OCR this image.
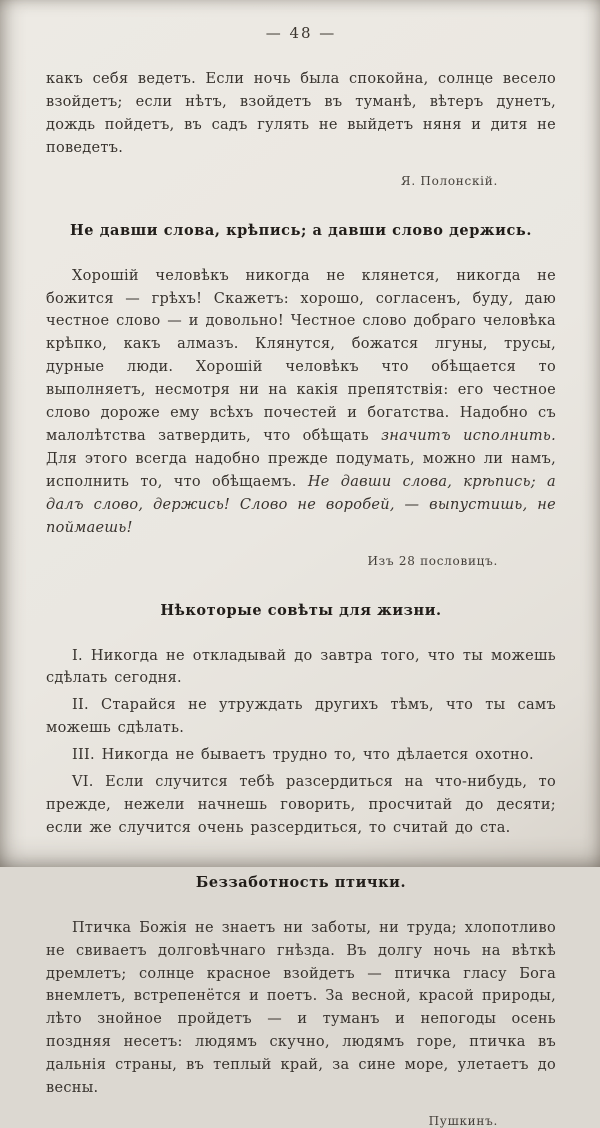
— 48 —

какъ себя ведетъ. Если ночь была спокойна, солнце весело взойдетъ; если нѣтъ, взойдетъ въ туманѣ, вѣтеръ дунетъ, дождь пойдетъ, въ садъ гулять не выйдетъ няня и дитя не поведетъ.

Я. Полонскій.
Не давши слова, крѣпись; а давши слово держись.

Хорошій человѣкъ никогда не клянется, никогда не божится — грѣхъ! Скажетъ: хорошо, согласенъ, буду, даю честное слово — и довольно! Честное слово добраго человѣка крѣпко, какъ алмазъ. Клянутся, божатся лгуны, трусы, дурные люди. Хорошій человѣкъ что обѣщается то выполняетъ, несмотря ни на какія препятствія: его честное слово дороже ему всѣхъ почестей и богатства. Надобно съ малолѣтства затвердить, что обѣщать значитъ исполнить. Для этого всегда надобно прежде подумать, можно ли намъ, исполнить то, что обѣщаемъ. Не давши слова, крѣпись; а далъ слово, держись! Слово не воробей, — выпустишь, не поймаешь!

Изъ 28 пословицъ.
Нѣкоторые совѣты для жизни.

I. Никогда не откладывай до завтра того, что ты можешь сдѣлать сегодня.

II. Старайся не утруждать другихъ тѣмъ, что ты самъ можешь сдѣлать.

III. Никогда не бываетъ трудно то, что дѣлается охотно.

VI. Если случится тебѣ разсердиться на что-нибудь, то прежде, нежели начнешь говорить, просчитай до десяти; если же случится очень разсердиться, то считай до ста.

Беззаботность птички.

Птичка Божія не знаетъ ни заботы, ни труда; хлопотливо не свиваетъ долговѣчнаго гнѣзда. Въ долгу ночь на вѣткѣ дремлетъ; солнце красное взойдетъ — птичка гласу Бога внемлетъ, встрепенётся и поетъ. За весной, красой природы, лѣто знойное пройдетъ — и туманъ и непогоды осень поздняя несетъ: людямъ скучно, людямъ горе, птичка въ дальнія страны, въ теплый край, за сине море, улетаетъ до весны.

Пушкинъ.
